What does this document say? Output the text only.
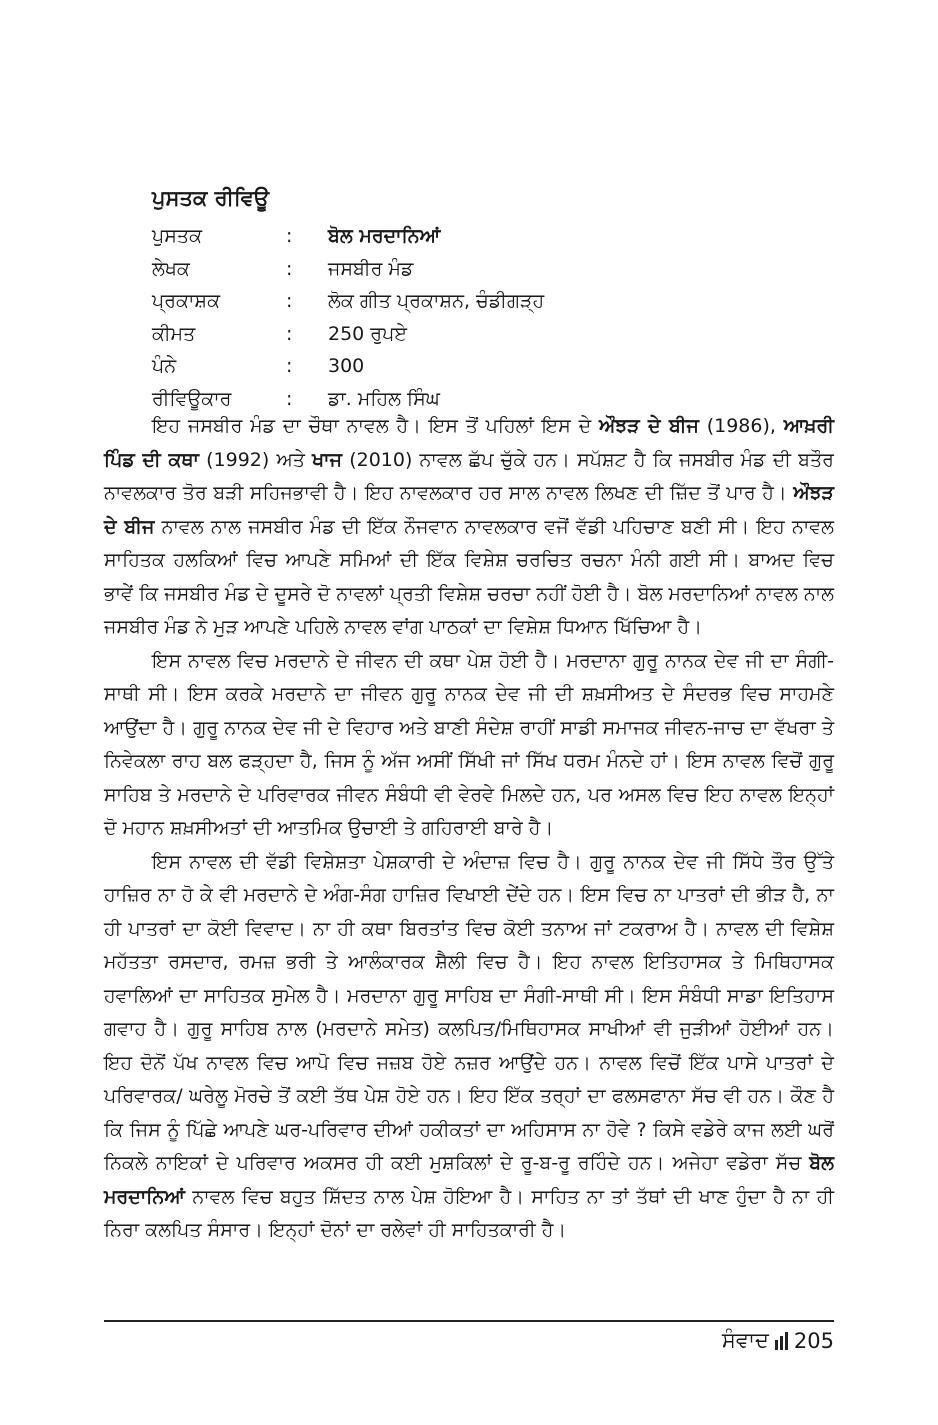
ਪੁਸਤਕ ਰੀਵਿਊ
ਪੁਸਤਕ	:	ਬੋਲ ਮਰਦਾਨਿਆਂ
ਲੇਖਕ	:	ਜਸਬੀਰ ਮੰਡ
ਪ੍ਰਕਾਸ਼ਕ	:	ਲੋਕ ਗੀਤ ਪ੍ਰਕਾਸ਼ਨ, ਚੰਡੀਗੜ੍ਹ
ਕੀਮਤ	:	250 ਰੁਪਏ
ਪੰਨੇ	:	300
ਰੀਵਿਊਕਾਰ	:	ਡਾ. ਮਹਿਲ ਸਿੰਘ

ਇਹ ਜਸਬੀਰ ਮੰਡ ਦਾ ਚੌਥਾ ਨਾਵਲ ਹੈ। ਇਸ ਤੋਂ ਪਹਿਲਾਂ ਇਸ ਦੇ ਔਝੜ ਦੇ ਬੀਜ (1986), ਆਖ਼ਰੀ ਪਿੰਡ ਦੀ ਕਥਾ (1992) ਅਤੇ ਖਾਜ (2010) ਨਾਵਲ ਛੱਪ ਚੁੱਕੇ ਹਨ। ਸਪੱਸ਼ਟ ਹੈ ਕਿ ਜਸਬੀਰ ਮੰਡ ਦੀ ਬਤੌਰ ਨਾਵਲਕਾਰ ਤੋਰ ਬੜੀ ਸਹਿਜਭਾਵੀ ਹੈ। ਇਹ ਨਾਵਲਕਾਰ ਹਰ ਸਾਲ ਨਾਵਲ ਲਿਖਣ ਦੀ ਜ਼ਿੱਦ ਤੋਂ ਪਾਰ ਹੈ। ਔਝੜ ਦੇ ਬੀਜ ਨਾਵਲ ਨਾਲ ਜਸਬੀਰ ਮੰਡ ਦੀ ਇੱਕ ਨੌਜਵਾਨ ਨਾਵਲਕਾਰ ਵਜੋਂ ਵੱਡੀ ਪਹਿਚਾਣ ਬਣੀ ਸੀ। ਇਹ ਨਾਵਲ ਸਾਹਿਤਕ ਹਲਕਿਆਂ ਵਿਚ ਆਪਣੇ ਸਮਿਆਂ ਦੀ ਇੱਕ ਵਿਸ਼ੇਸ਼ ਚਰਚਿਤ ਰਚਨਾ ਮੰਨੀ ਗਈ ਸੀ। ਬਾਅਦ ਵਿਚ ਭਾਵੇਂ ਕਿ ਜਸਬੀਰ ਮੰਡ ਦੇ ਦੂਸਰੇ ਦੋ ਨਾਵਲਾਂ ਪ੍ਰਤੀ ਵਿਸ਼ੇਸ਼ ਚਰਚਾ ਨਹੀਂ ਹੋਈ ਹੈ। ਬੋਲ ਮਰਦਾਨਿਆਂ ਨਾਵਲ ਨਾਲ ਜਸਬੀਰ ਮੰਡ ਨੇ ਮੁੜ ਆਪਣੇ ਪਹਿਲੇ ਨਾਵਲ ਵਾਂਗ ਪਾਠਕਾਂ ਦਾ ਵਿਸ਼ੇਸ਼ ਧਿਆਨ ਖਿੱਚਿਆ ਹੈ।

ਇਸ ਨਾਵਲ ਵਿਚ ਮਰਦਾਨੇ ਦੇ ਜੀਵਨ ਦੀ ਕਥਾ ਪੇਸ਼ ਹੋਈ ਹੈ। ਮਰਦਾਨਾ ਗੁਰੂ ਨਾਨਕ ਦੇਵ ਜੀ ਦਾ ਸੰਗੀ-ਸਾਥੀ ਸੀ। ਇਸ ਕਰਕੇ ਮਰਦਾਨੇ ਦਾ ਜੀਵਨ ਗੁਰੂ ਨਾਨਕ ਦੇਵ ਜੀ ਦੀ ਸ਼ਖ਼ਸੀਅਤ ਦੇ ਸੰਦਰਭ ਵਿਚ ਸਾਹਮਣੇ ਆਉਂਦਾ ਹੈ। ਗੁਰੂ ਨਾਨਕ ਦੇਵ ਜੀ ਦੇ ਵਿਹਾਰ ਅਤੇ ਬਾਣੀ ਸੰਦੇਸ਼ ਰਾਹੀਂ ਸਾਡੀ ਸਮਾਜਕ ਜੀਵਨ-ਜਾਚ ਦਾ ਵੱਖਰਾ ਤੇ ਨਿਵੇਕਲਾ ਰਾਹ ਬਲ ਫੜ੍ਹਦਾ ਹੈ, ਜਿਸ ਨੂੰ ਅੱਜ ਅਸੀਂ ਸਿੱਖੀ ਜਾਂ ਸਿੱਖ ਧਰਮ ਮੰਨਦੇ ਹਾਂ। ਇਸ ਨਾਵਲ ਵਿਚੋਂ ਗੁਰੂ ਸਾਹਿਬ ਤੇ ਮਰਦਾਨੇ ਦੇ ਪਰਿਵਾਰਕ ਜੀਵਨ ਸੰਬੰਧੀ ਵੀ ਵੇਰਵੇ ਮਿਲਦੇ ਹਨ, ਪਰ ਅਸਲ ਵਿਚ ਇਹ ਨਾਵਲ ਇਨ੍ਹਾਂ ਦੋ ਮਹਾਨ ਸ਼ਖ਼ਸੀਅਤਾਂ ਦੀ ਆਤਮਿਕ ਉਚਾਈ ਤੇ ਗਹਿਰਾਈ ਬਾਰੇ ਹੈ।

ਇਸ ਨਾਵਲ ਦੀ ਵੱਡੀ ਵਿਸ਼ੇਸ਼ਤਾ ਪੇਸ਼ਕਾਰੀ ਦੇ ਅੰਦਾਜ਼ ਵਿਚ ਹੈ। ਗੁਰੂ ਨਾਨਕ ਦੇਵ ਜੀ ਸਿੱਧੇ ਤੌਰ ਉੱਤੇ ਹਾਜ਼ਿਰ ਨਾ ਹੋ ਕੇ ਵੀ ਮਰਦਾਨੇ ਦੇ ਅੰਗ-ਸੰਗ ਹਾਜ਼ਿਰ ਵਿਖਾਈ ਦੇਂਦੇ ਹਨ। ਇਸ ਵਿਚ ਨਾ ਪਾਤਰਾਂ ਦੀ ਭੀੜ ਹੈ, ਨਾ ਹੀ ਪਾਤਰਾਂ ਦਾ ਕੋਈ ਵਿਵਾਦ। ਨਾ ਹੀ ਕਥਾ ਬਿਰਤਾਂਤ ਵਿਚ ਕੋਈ ਤਨਾਅ ਜਾਂ ਟਕਰਾਅ ਹੈ। ਨਾਵਲ ਦੀ ਵਿਸ਼ੇਸ਼ ਮਹੱਤਤਾ ਰਸਦਾਰ, ਰਮਜ਼ ਭਰੀ ਤੇ ਆਲੰਕਾਰਕ ਸ਼ੈਲੀ ਵਿਚ ਹੈ। ਇਹ ਨਾਵਲ ਇਤਿਹਾਸਕ ਤੇ ਮਿਥਿਹਾਸਕ ਹਵਾਲਿਆਂ ਦਾ ਸਾਹਿਤਕ ਸੁਮੇਲ ਹੈ। ਮਰਦਾਨਾ ਗੁਰੂ ਸਾਹਿਬ ਦਾ ਸੰਗੀ-ਸਾਥੀ ਸੀ। ਇਸ ਸੰਬੰਧੀ ਸਾਡਾ ਇਤਿਹਾਸ ਗਵਾਹ ਹੈ। ਗੁਰੂ ਸਾਹਿਬ ਨਾਲ (ਮਰਦਾਨੇ ਸਮੇਤ) ਕਲਪਿਤ/ਮਿਥਿਹਾਸਕ ਸਾਖੀਆਂ ਵੀ ਜੁੜੀਆਂ ਹੋਈਆਂ ਹਨ। ਇਹ ਦੋਨੋਂ ਪੱਖ ਨਾਵਲ ਵਿਚ ਆਪੋ ਵਿਚ ਜਜ਼ਬ ਹੋਏ ਨਜ਼ਰ ਆਉਂਦੇ ਹਨ। ਨਾਵਲ ਵਿਚੋਂ ਇੱਕ ਪਾਸੇ ਪਾਤਰਾਂ ਦੇ ਪਰਿਵਾਰਕ/ ਘਰੇਲੂ ਮੋਰਚੇ ਤੋਂ ਕਈ ਤੱਥ ਪੇਸ਼ ਹੋਏ ਹਨ। ਇਹ ਇੱਕ ਤਰ੍ਹਾਂ ਦਾ ਫਲਸਫਾਨਾ ਸੱਚ ਵੀ ਹਨ। ਕੌਣ ਹੈ ਕਿ ਜਿਸ ਨੂੰ ਪਿੱਛੇ ਆਪਣੇ ਘਰ-ਪਰਿਵਾਰ ਦੀਆਂ ਹਕੀਕਤਾਂ ਦਾ ਅਹਿਸਾਸ ਨਾ ਹੋਵੇ ? ਕਿਸੇ ਵਡੇਰੇ ਕਾਜ ਲਈ ਘਰੋਂ ਨਿਕਲੇ ਨਾਇਕਾਂ ਦੇ ਪਰਿਵਾਰ ਅਕਸਰ ਹੀ ਕਈ ਮੁਸ਼ਕਿਲਾਂ ਦੇ ਰੂ-ਬ-ਰੂ ਰਹਿੰਦੇ ਹਨ। ਅਜੇਹਾ ਵਡੇਰਾ ਸੱਚ ਬੋਲ ਮਰਦਾਨਿਆਂ ਨਾਵਲ ਵਿਚ ਬਹੁਤ ਸ਼ਿੱਦਤ ਨਾਲ ਪੇਸ਼ ਹੋਇਆ ਹੈ। ਸਾਹਿਤ ਨਾ ਤਾਂ ਤੱਥਾਂ ਦੀ ਖਾਣ ਹੁੰਦਾ ਹੈ ਨਾ ਹੀ ਨਿਰਾ ਕਲਪਿਤ ਸੰਸਾਰ। ਇਨ੍ਹਾਂ ਦੋਨਾਂ ਦਾ ਰਲੇਵਾਂ ਹੀ ਸਾਹਿਤਕਾਰੀ ਹੈ।

ਸੰਵਾਦ 205
